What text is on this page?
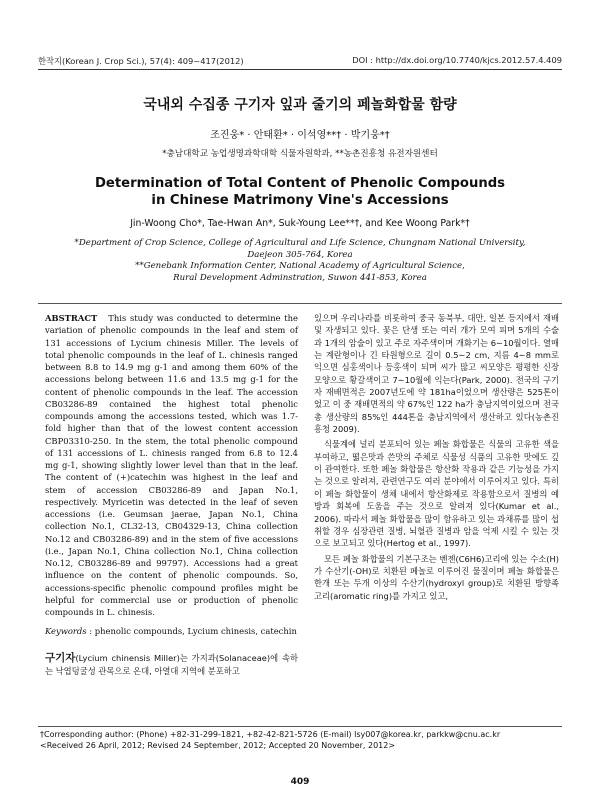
한작지(Korean J. Crop Sci.), 57(4): 409~417(2012)	DOI : http://dx.doi.org/10.7740/kjcs.2012.57.4.409
국내외 수집종 구기자 잎과 줄기의 페놀화합물 함량
조진웅* · 안태환* · 이석영**† · 박기웅*†
*충남대학교 농업생명과학대학 식물자원학과, **농촌진흥청 유전자원센터
Determination of Total Content of Phenolic Compounds
in Chinese Matrimony Vine's Accessions
Jin-Woong Cho*, Tae-Hwan An*, Suk-Young Lee**†, and Kee Woong Park*†
*Department of Crop Science, College of Agricultural and Life Science, Chungnam National University,
Daejeon 305-764, Korea
**Genebank Information Center, National Academy of Agricultural Science,
Rural Development Adminstration, Suwon 441-853, Korea

ABSTRACT This study was conducted to determine the variation of phenolic compounds in the leaf and stem of 131 accessions of Lycium chinesis Miller. The levels of total phenolic compounds in the leaf of L. chinesis ranged between 8.8 to 14.9 mg g-1 and among them 60% of the accessions belong between 11.6 and 13.5 mg g-1 for the content of phenolic compounds in the leaf. The accession CB03286-89 contained the highest total phenolic compounds among the accessions tested, which was 1.7-fold higher than that of the lowest content accession CBP03310-250. In the stem, the total phenolic compound of 131 accessions of L. chinesis ranged from 6.8 to 12.4 mg g-1, showing slightly lower level than that in the leaf. The content of (+)catechin was highest in the leaf and stem of accession CB03286-89 and Japan No.1, respectively. Myricetin was detected in the leaf of seven accessions (i.e. Geumsan jaerae, Japan No.1, China collection No.1, CL32-13, CB04329-13, China collection No.12 and CB03286-89) and in the stem of five accessions (i.e., Japan No.1, China collection No.1, China collection No.12, CB03286-89 and 99797). Accessions had a great influence on the content of phenolic compounds. So, accessions-specific phenolic compound profiles might be helpful for commercial use or production of phenolic compounds in L. chinesis.

Keywords : phenolic compounds, Lycium chinesis, catechin

구기자(Lycium chinensis Miller)는 가지과(Solanaceae)에 속하는 낙엽덩굴성 관목으로 온대, 아열대 지역에 분포하고

있으며 우리나라를 비롯하여 중국 동북부, 대만, 일본 등지에서 재배 및 자생되고 있다. 꽃은 단생 또는 여러 개가 모여 피며 5개의 수술과 1개의 암술이 있고 주로 자주색이며 개화기는 6∼10월이다. 열매는 계란형이나 긴 타원형으로 길이 0.5∼2 cm, 지름 4∼8 mm로 익으면 심홍색이나 등홍색이 되며 씨가 많고 씨모양은 평평한 신장모양으로 황갈색이고 7∼10월에 익는다(Park, 2000). 전국의 구기자 재배면적은 2007년도에 약 181ha이었으며 생산량은 525톤이었고 이 중 재배면적의 약 67%인 122 ha가 충남지역이었으며 전국 총 생산량의 85%인 444톤을 충남지역에서 생산하고 있다(농촌진흥청 2009).

식물계에 널리 분포되어 있는 페놀 화합물은 식물의 고유한 색을 부여하고, 떫은맛과 쓴맛의 주체로 식물성 식품의 고유한 맛에도 깊이 관여한다. 또한 페놀 화합물은 항산화 작용과 같은 기능성을 가지는 것으로 알려져, 관련연구도 여러 분야에서 이루어지고 있다. 특히 이 페놀 화합물이 생체 내에서 항산화제로 작용함으로서 질병의 예방과 회복에 도움을 주는 것으로 알려져 있다(Kumar et al., 2006). 따라서 페놀 화합물을 많이 함유하고 있는 과채류를 많이 섭취할 경우 심장관련 질병, 뇌혈관 질병과 암을 억제 시킬 수 있는 것으로 보고되고 있다(Hertog et al., 1997).

모든 페놀 화합물의 기본구조는 벤젠(C6H6)고리에 있는 수소(H)가 수산기(-OH)로 치환된 페놀로 이루어진 물질이며 페놀 화합물은 한개 또는 두개 이상의 수산기(hydroxyl group)로 치환된 방향족 고리(aromatic ring)를 가지고 있고,

†Corresponding author: (Phone) +82-31-299-1821, +82-42-821-5726 (E-mail) lsy007@korea.kr, parkkw@cnu.ac.kr
<Received 26 April, 2012; Revised 24 September, 2012; Accepted 20 November, 2012>
409
